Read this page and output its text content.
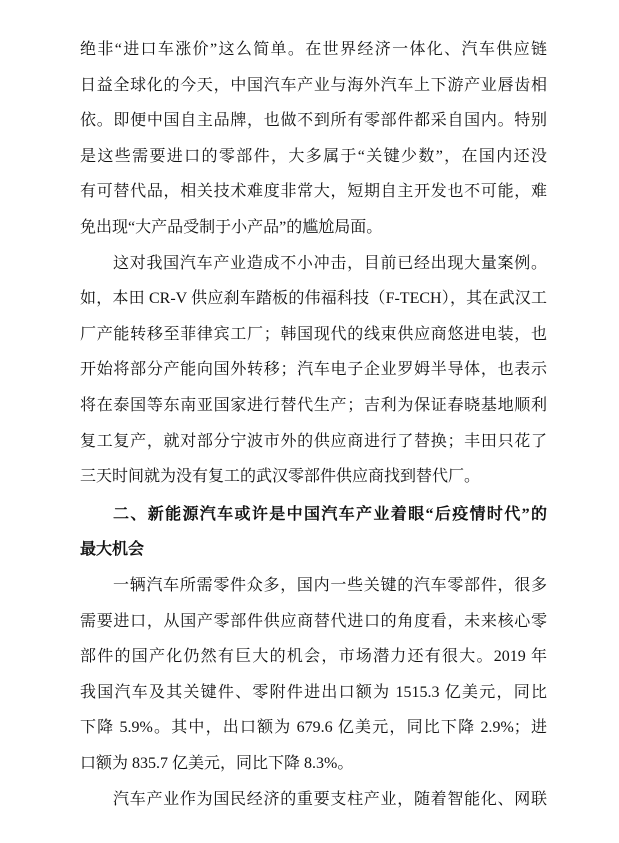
绝非“进口车涨价”这么简单。在世界经济一体化、汽车供应链
日益全球化的今天，中国汽车产业与海外汽车上下游产业唇齿相
依。即便中国自主品牌，也做不到所有零部件都采自国内。特别
是这些需要进口的零部件，大多属于“关键少数”，在国内还没
有可替代品，相关技术难度非常大，短期自主开发也不可能，难
免出现“大产品受制于小产品”的尴尬局面。
这对我国汽车产业造成不小冲击，目前已经出现大量案例。
如，本田 CR-V 供应刹车踏板的伟福科技（F-TECH），其在武汉工
厂产能转移至菲律宾工厂；韩国现代的线束供应商悠进电装，也
开始将部分产能向国外转移；汽车电子企业罗姆半导体，也表示
将在泰国等东南亚国家进行替代生产；吉利为保证春晓基地顺利
复工复产，就对部分宁波市外的供应商进行了替换；丰田只花了
三天时间就为没有复工的武汉零部件供应商找到替代厂。
二、新能源汽车或许是中国汽车产业着眼“后疫情时代”的
最大机会
一辆汽车所需零件众多，国内一些关键的汽车零部件，很多
需要进口，从国产零部件供应商替代进口的角度看，未来核心零
部件的国产化仍然有巨大的机会，市场潜力还有很大。2019 年
我国汽车及其关键件、零附件进出口额为 1515.3 亿美元，同比
下降 5.9%。其中，出口额为 679.6 亿美元，同比下降 2.9%；进
口额为 835.7 亿美元，同比下降 8.3%。
汽车产业作为国民经济的重要支柱产业，随着智能化、网联
